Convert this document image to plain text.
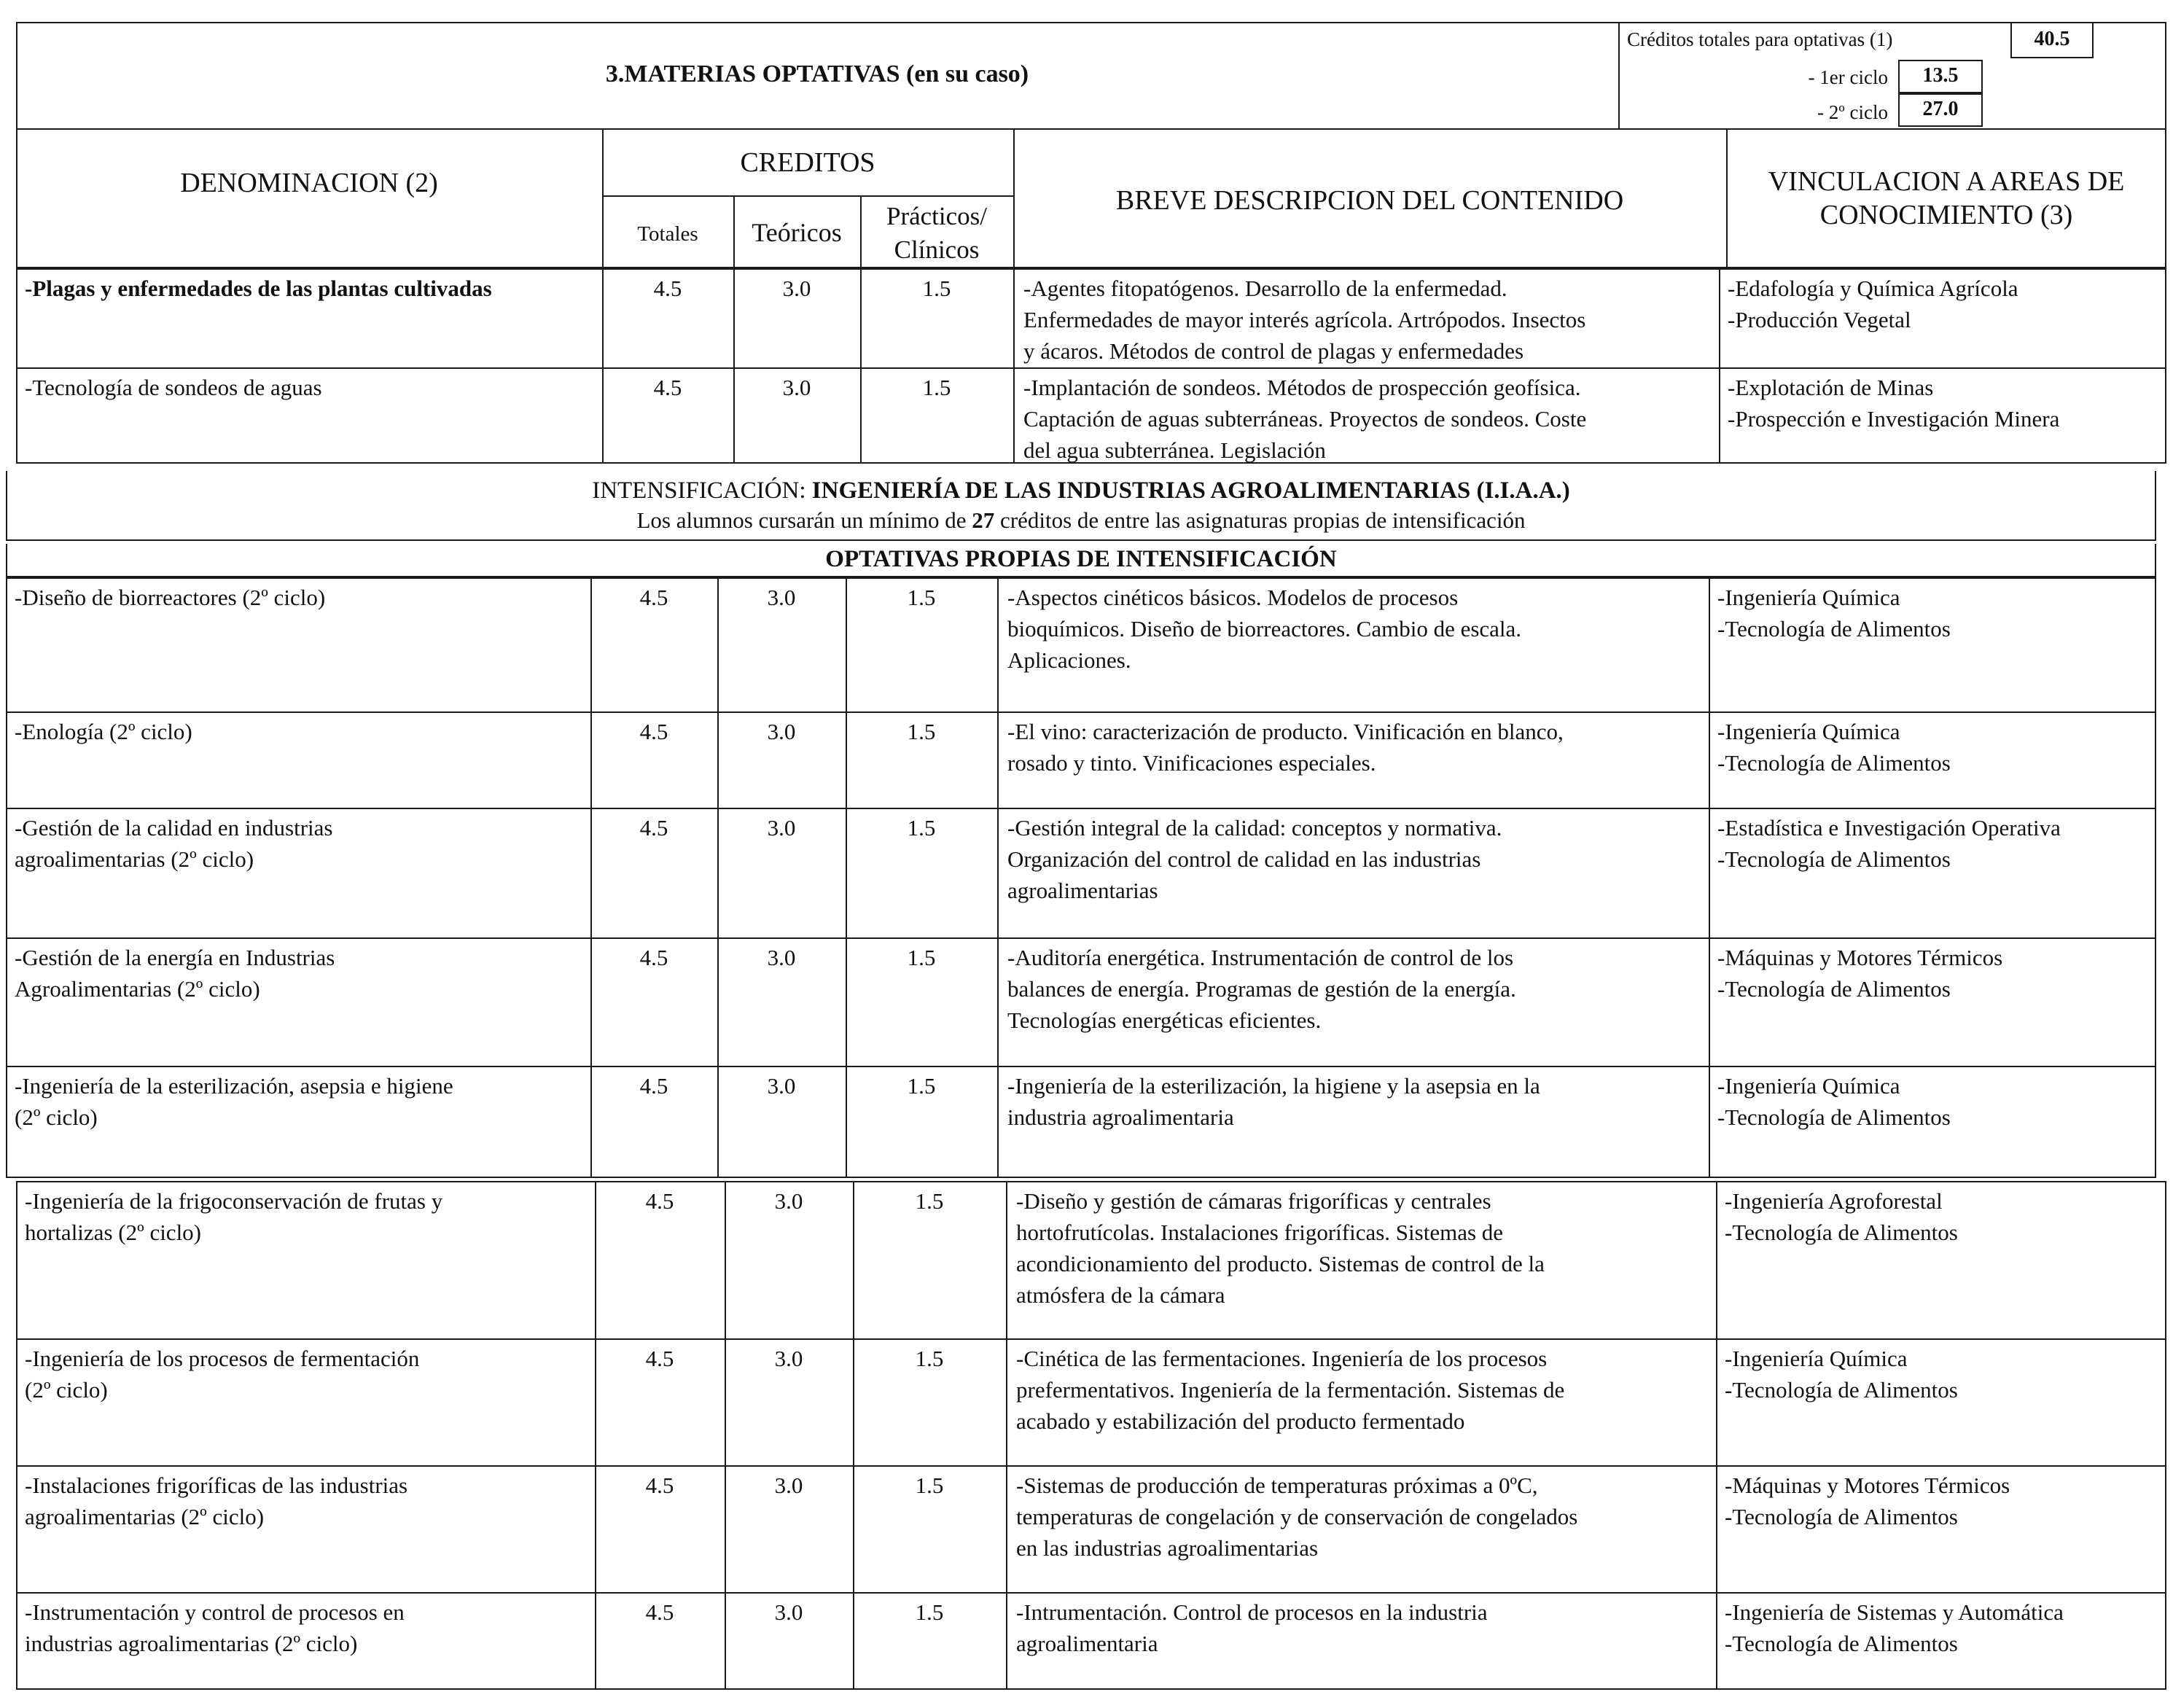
3.MATERIAS OPTATIVAS (en su caso)
Créditos totales para optativas (1)	40.5
- 1er ciclo	13.5
- 2º ciclo	27.0
DENOMINACION (2)
CREDITOS
Totales	Teóricos
Prácticos/
Clínicos
BREVE DESCRIPCION DEL CONTENIDO
VINCULACION A AREAS DE
CONOCIMIENTO (3)
-Plagas y enfermedades de las plantas cultivadas	4.5	3.0	1.5	-Agentes fitopatógenos. Desarrollo de la enfermedad.
Enfermedades de mayor interés agrícola. Artrópodos. Insectos
y ácaros. Métodos de control de plagas y enfermedades
-Edafología y Química Agrícola
-Producción Vegetal
-Tecnología de sondeos de aguas	4.5	3.0	1.5	-Implantación de sondeos. Métodos de prospección geofísica.
Captación de aguas subterráneas. Proyectos de sondeos. Coste
del agua subterránea. Legislación
-Explotación de Minas
-Prospección e Investigación Minera
INTENSIFICACIÓN: INGENIERÍA DE LAS INDUSTRIAS AGROALIMENTARIAS (I.I.A.A.)
Los alumnos cursarán un mínimo de 27 créditos de entre las asignaturas propias de intensificación
OPTATIVAS PROPIAS DE INTENSIFICACIÓN
-Diseño de biorreactores (2º ciclo)	4.5	3.0	1.5	-Aspectos cinéticos básicos. Modelos de procesos
bioquímicos. Diseño de biorreactores. Cambio de escala.
Aplicaciones.
-Ingeniería Química
-Tecnología de Alimentos
-Enología (2º ciclo)	4.5	3.0	1.5	-El vino: caracterización de producto. Vinificación en blanco,
rosado y tinto. Vinificaciones especiales.
-Ingeniería Química
-Tecnología de Alimentos
-Gestión de la calidad en industrias
agroalimentarias (2º ciclo)
4.5	3.0	1.5	-Gestión integral de la calidad: conceptos y normativa.
Organización del control de calidad en las industrias
agroalimentarias
-Estadística e Investigación Operativa
-Tecnología de Alimentos
-Gestión de la energía en Industrias
Agroalimentarias (2º ciclo)
4.5	3.0	1.5	-Auditoría energética. Instrumentación de control de los
balances de energía. Programas de gestión de la energía.
Tecnologías energéticas eficientes.
-Máquinas y Motores Térmicos
-Tecnología de Alimentos
-Ingeniería de la esterilización, asepsia e higiene
(2º ciclo)
4.5	3.0	1.5	-Ingeniería de la esterilización, la higiene y la asepsia en la
industria agroalimentaria
-Ingeniería Química
-Tecnología de Alimentos
-Ingeniería de la frigoconservación de frutas y
hortalizas (2º ciclo)
4.5	3.0	1.5	-Diseño y gestión de cámaras frigoríficas y centrales
hortofrutícolas. Instalaciones frigoríficas. Sistemas de
acondicionamiento del producto. Sistemas de control de la
atmósfera de la cámara
-Ingeniería Agroforestal
-Tecnología de Alimentos
-Ingeniería de los procesos de fermentación
(2º ciclo)
4.5	3.0	1.5	-Cinética de las fermentaciones. Ingeniería de los procesos
prefermentativos. Ingeniería de la fermentación. Sistemas de
acabado y estabilización del producto fermentado
-Ingeniería Química
-Tecnología de Alimentos
-Instalaciones frigoríficas de las industrias
agroalimentarias (2º ciclo)
4.5	3.0	1.5	-Sistemas de producción de temperaturas próximas a 0ºC,
temperaturas de congelación y de conservación de congelados
en las industrias agroalimentarias
-Máquinas y Motores Térmicos
-Tecnología de Alimentos
-Instrumentación y control de procesos en
industrias agroalimentarias (2º ciclo)
4.5	3.0	1.5	-Intrumentación. Control de procesos en la industria
agroalimentaria
-Ingeniería de Sistemas y Automática
-Tecnología de Alimentos
